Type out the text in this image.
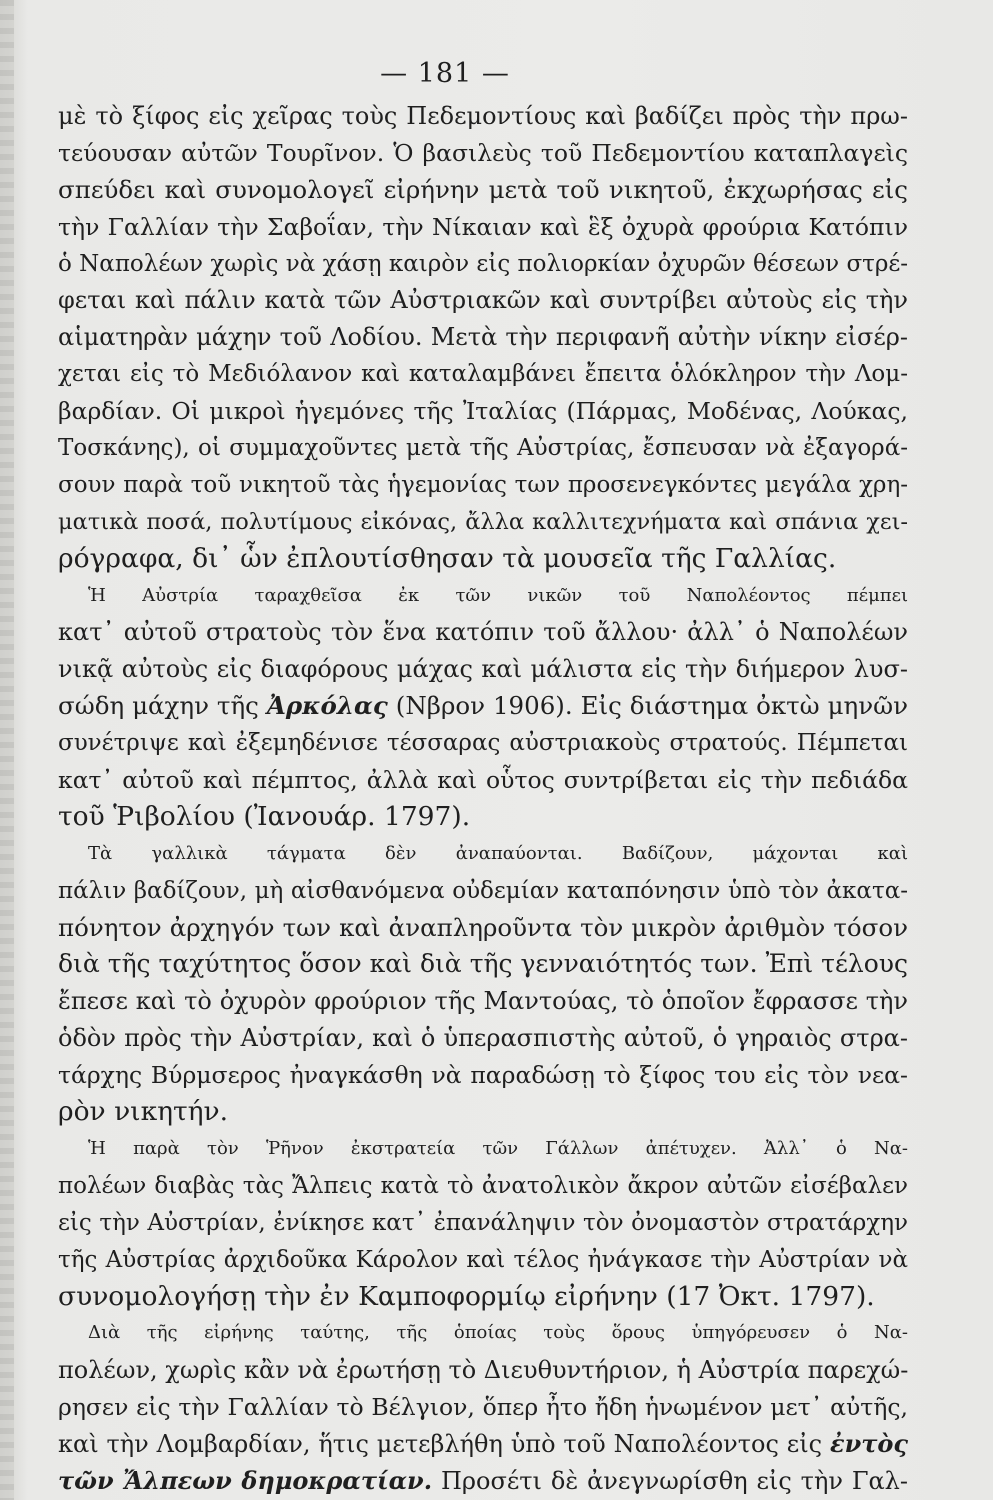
— 181 —
μὲ τὸ ξίφος εἰς χεῖρας τοὺς Πεδεμοντίους καὶ βαδίζει πρὸς τὴν πρω-
τεύουσαν αὐτῶν Τουρῖνον. Ὁ βασιλεὺς τοῦ Πεδεμοντίου καταπλαγεὶς
σπεύδει καὶ συνομολογεῖ εἰρήνην μετὰ τοῦ νικητοῦ, ἐκχωρήσας εἰς
τὴν Γαλλίαν τὴν Σαβοΐαν, τὴν Νίκαιαν καὶ ἓξ ὀχυρὰ φρούρια Κατόπιν
ὁ Ναπολέων χωρὶς νὰ χάσῃ καιρὸν εἰς πολιορκίαν ὀχυρῶν θέσεων στρέ-
φεται καὶ πάλιν κατὰ τῶν Αὐστριακῶν καὶ συντρίβει αὐτοὺς εἰς τὴν
αἱματηρὰν μάχην τοῦ Λοδίου. Μετὰ τὴν περιφανῆ αὐτὴν νίκην εἰσέρ-
χεται εἰς τὸ Μεδιόλανον καὶ καταλαμβάνει ἔπειτα ὁλόκληρον τὴν Λομ-
βαρδίαν. Οἱ μικροὶ ἡγεμόνες τῆς Ἰταλίας (Πάρμας, Μοδένας, Λούκας,
Τοσκάνης), οἱ συμμαχοῦντες μετὰ τῆς Αὐστρίας, ἔσπευσαν νὰ ἐξαγορά-
σουν παρὰ τοῦ νικητοῦ τὰς ἡγεμονίας των προσενεγκόντες μεγάλα χρη-
ματικὰ ποσά, πολυτίμους εἰκόνας, ἄλλα καλλιτεχνήματα καὶ σπάνια χει-
ρόγραφα, δι᾽ ὧν ἐπλουτίσθησαν τὰ μουσεῖα τῆς Γαλλίας.
Ἡ Αὐστρία ταραχθεῖσα ἐκ τῶν νικῶν τοῦ Ναπολέοντος πέμπει
κατ᾽ αὐτοῦ στρατοὺς τὸν ἕνα κατόπιν τοῦ ἄλλου· ἀλλ᾽ ὁ Ναπολέων
νικᾷ αὐτοὺς εἰς διαφόρους μάχας καὶ μάλιστα εἰς τὴν διήμερον λυσ-
σώδη μάχην τῆς Ἀρκόλας (Νβρον 1906). Εἰς διάστημα ὀκτὼ μηνῶν
συνέτριψε καὶ ἐξεμηδένισε τέσσαρας αὐστριακοὺς στρατούς. Πέμπεται
κατ᾽ αὐτοῦ καὶ πέμπτος, ἀλλὰ καὶ οὗτος συντρίβεται εἰς τὴν πεδιάδα
τοῦ Ῥιβολίου (Ἰανουάρ. 1797).
Τὰ γαλλικὰ τάγματα δὲν ἀναπαύονται. Βαδίζουν, μάχονται καὶ
πάλιν βαδίζουν, μὴ αἰσθανόμενα οὐδεμίαν καταπόνησιν ὑπὸ τὸν ἀκατα-
πόνητον ἀρχηγόν των καὶ ἀναπληροῦντα τὸν μικρὸν ἀριθμὸν τόσον
διὰ τῆς ταχύτητος ὅσον καὶ διὰ τῆς γενναιότητός των. Ἐπὶ τέλους
ἔπεσε καὶ τὸ ὀχυρὸν φρούριον τῆς Μαντούας, τὸ ὁποῖον ἔφρασσε τὴν
ὁδὸν πρὸς τὴν Αὐστρίαν, καὶ ὁ ὑπερασπιστὴς αὐτοῦ, ὁ γηραιὸς στρα-
τάρχης Βύρμσερος ἠναγκάσθη νὰ παραδώσῃ τὸ ξίφος του εἰς τὸν νεα-
ρὸν νικητήν.
Ἡ παρὰ τὸν Ῥῆνον ἐκστρατεία τῶν Γάλλων ἀπέτυχεν. Ἀλλ᾽ ὁ Να-
πολέων διαβὰς τὰς Ἄλπεις κατὰ τὸ ἀνατολικὸν ἄκρον αὐτῶν εἰσέβαλεν
εἰς τὴν Αὐστρίαν, ἐνίκησε κατ᾽ ἐπανάληψιν τὸν ὀνομαστὸν στρατάρχην
τῆς Αὐστρίας ἀρχιδοῦκα Κάρολον καὶ τέλος ἠνάγκασε τὴν Αὐστρίαν νὰ
συνομολογήσῃ τὴν ἐν Καμποφορμίῳ εἰρήνην (17 Ὀκτ. 1797).
Διὰ τῆς εἰρήνης ταύτης, τῆς ὁποίας τοὺς ὅρους ὑπηγόρευσεν ὁ Να-
πολέων, χωρὶς κἂν νὰ ἐρωτήσῃ τὸ Διευθυντήριον, ἡ Αὐστρία παρεχώ-
ρησεν εἰς τὴν Γαλλίαν τὸ Βέλγιον, ὅπερ ἦτο ἤδη ἡνωμένον μετ᾽ αὐτῆς,
καὶ τὴν Λομβαρδίαν, ἥτις μετεβλήθη ὑπὸ τοῦ Ναπολέοντος εἰς ἐντὸς
τῶν Ἄλπεων δημοκρατίαν. Προσέτι δὲ ἀνεγνωρίσθη εἰς τὴν Γαλ-
